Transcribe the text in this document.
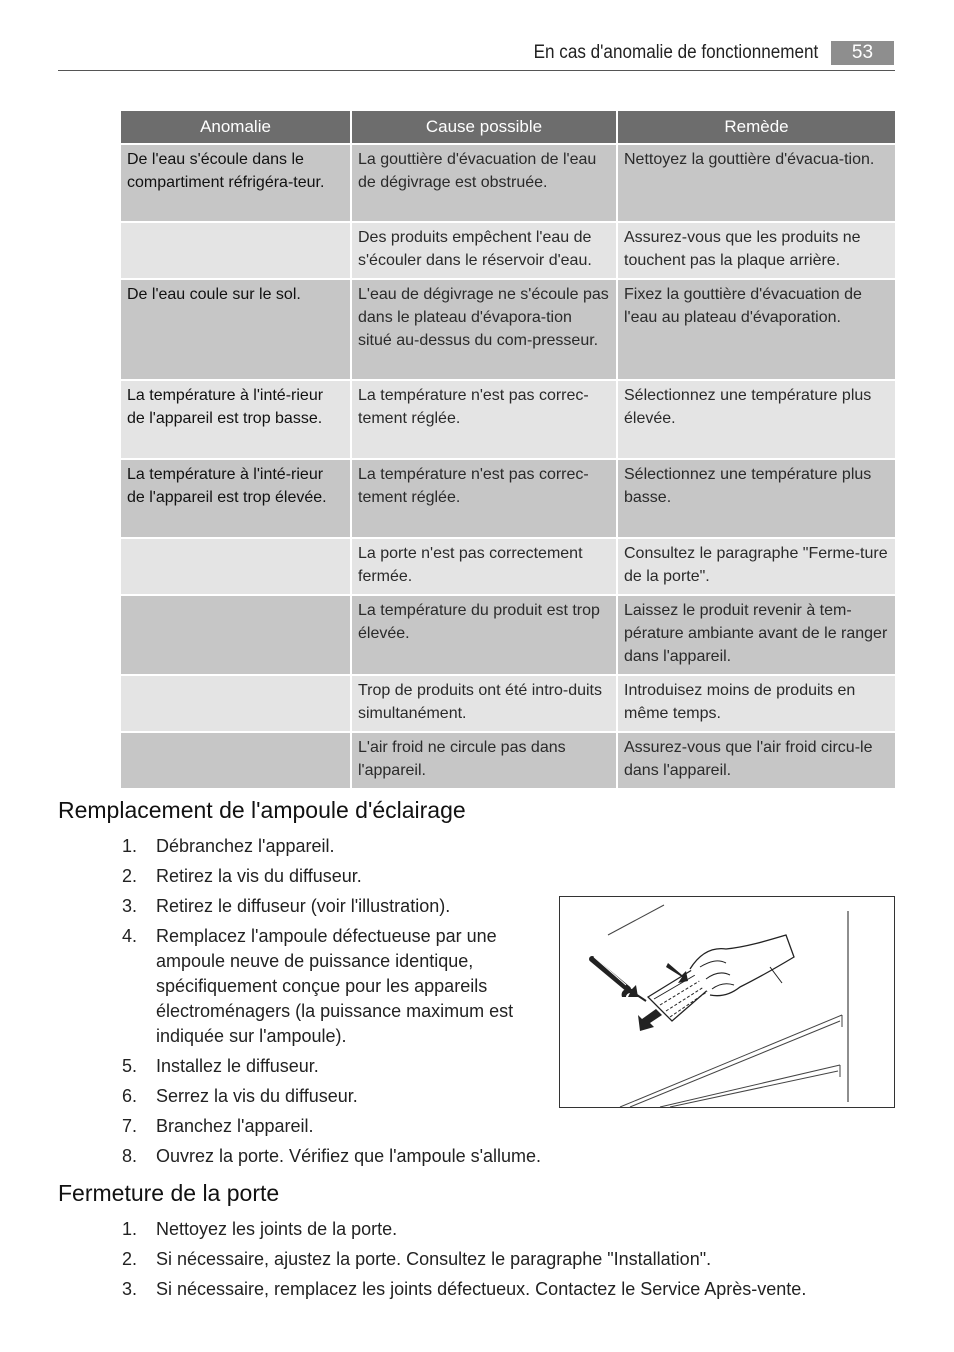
En cas d'anomalie de fonctionnement	53
Anomalie	Cause possible	Remède
De l'eau s'écoule dans le compartiment réfrigéra-teur.	La gouttière d'évacuation de l'eau de dégivrage est obstruée.	Nettoyez la gouttière d'évacua-tion.
	Des produits empêchent l'eau de s'écouler dans le réservoir d'eau.	Assurez-vous que les produits ne touchent pas la plaque arrière.
De l'eau coule sur le sol.	L'eau de dégivrage ne s'écoule pas dans le plateau d'évapora-tion situé au-dessus du com-presseur.	Fixez la gouttière d'évacuation de l'eau au plateau d'évaporation.
La température à l'inté-rieur de l'appareil est trop basse.	La température n'est pas correc-tement réglée.	Sélectionnez une température plus élevée.
La température à l'inté-rieur de l'appareil est trop élevée.	La température n'est pas correc-tement réglée.	Sélectionnez une température plus basse.
	La porte n'est pas correctement fermée.	Consultez le paragraphe "Ferme-ture de la porte".
	La température du produit est trop élevée.	Laissez le produit revenir à tem-pérature ambiante avant de le ranger dans l'appareil.
	Trop de produits ont été intro-duits simultanément.	Introduisez moins de produits en même temps.
	L'air froid ne circule pas dans l'appareil.	Assurez-vous que l'air froid circu-le dans l'appareil.
Remplacement de l'ampoule d'éclairage
1. Débranchez l'appareil.
2. Retirez la vis du diffuseur.
3. Retirez le diffuseur (voir l'illustration).
4. Remplacez l'ampoule défectueuse par une ampoule neuve de puissance identique, spécifiquement conçue pour les appareils électroménagers (la puissance maximum est indiquée sur l'ampoule).
5. Installez le diffuseur.
6. Serrez la vis du diffuseur.
7. Branchez l'appareil.
8. Ouvrez la porte. Vérifiez que l'ampoule s'allume.
Fermeture de la porte
1. Nettoyez les joints de la porte.
2. Si nécessaire, ajustez la porte. Consultez le paragraphe "Installation".
3. Si nécessaire, remplacez les joints défectueux. Contactez le Service Après-vente.
